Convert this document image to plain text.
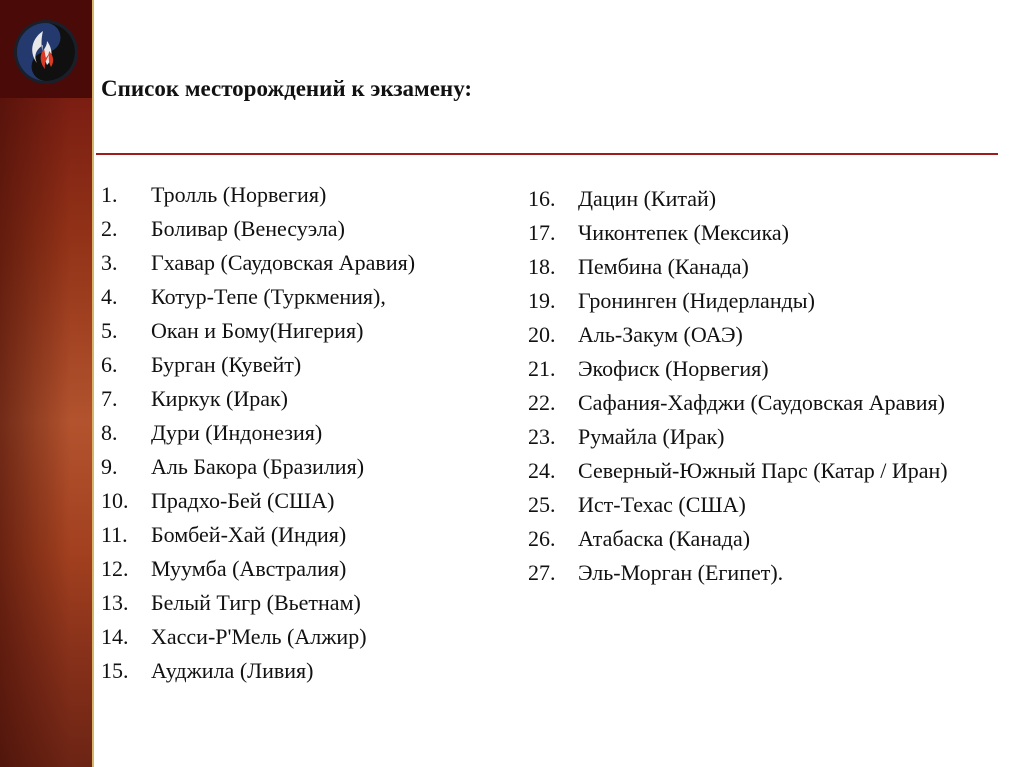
Список месторождений к экзамену:
1.	Тролль (Норвегия)
2.	Боливар (Венесуэла)
3.	Гхавар (Саудовская Аравия)
4.	Котур-Тепе (Туркмения),
5.	Окан и Бому(Нигерия)
6.	Бурган (Кувейт)
7.	Киркук (Ирак)
8.	Дури (Индонезия)
9.	Аль Бакора (Бразилия)
10.	Прадхо-Бей (США)
11.	Бомбей-Хай (Индия)
12.	Муумба (Австралия)
13.	Белый Тигр (Вьетнам)
14.	Хасси-Р'Мель (Алжир)
15.	Ауджила (Ливия)
16.	Дацин (Китай)
17.	Чиконтепек (Мексика)
18.	Пембина (Канада)
19.	Гронинген (Нидерланды)
20.	Аль-Закум (ОАЭ)
21.	Экофиск (Норвегия)
22.	Сафания-Хафджи (Саудовская Аравия)
23.	Румайла (Ирак)
24.	Северный-Южный Парс (Катар / Иран)
25.	Ист-Техас (США)
26.	Атабаска (Канада)
27.	Эль-Морган (Египет).
